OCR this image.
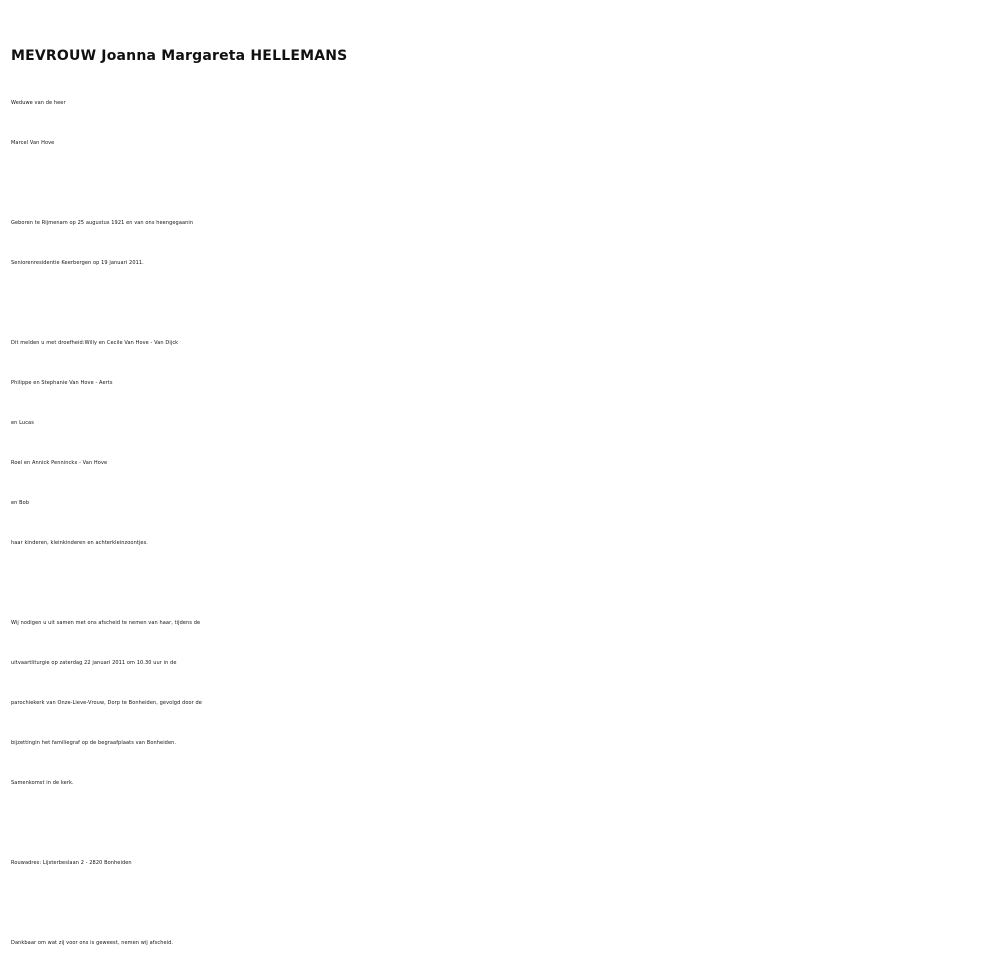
MEVROUW Joanna Margareta HELLEMANS
Weduwe van de heer
Marcel Van Hove
Geboren te Rijmenam op 25 augustus 1921 en van ons heengegaanin
Seniorenresidentie Keerbergen op 19 januari 2011.
Dit melden u met droefheid:Willy en Cecile Van Hove - Van Dijck
Philippe en Stephanie Van Hove - Aerts
en Lucas
Roel en Annick Penninckx - Van Hove
en Bob
haar kinderen, kleinkinderen en achterkleinzoontjes.
Wij nodigen u uit samen met ons afscheid te nemen van haar, tijdens de
uitvaartliturgie op zaterdag 22 januari 2011 om 10.30 uur in de
parochiekerk van Onze-Lieve-Vrouw, Dorp te Bonheiden, gevolgd door de
bijzettingin het familiegraf op de begraafplaats van Bonheiden.
Samenkomst in de kerk.
Rouwadres: Lijsterbeslaan 2 - 2820 Bonheiden
Dankbaar om wat zij voor ons is geweest, nemen wij afscheid.
